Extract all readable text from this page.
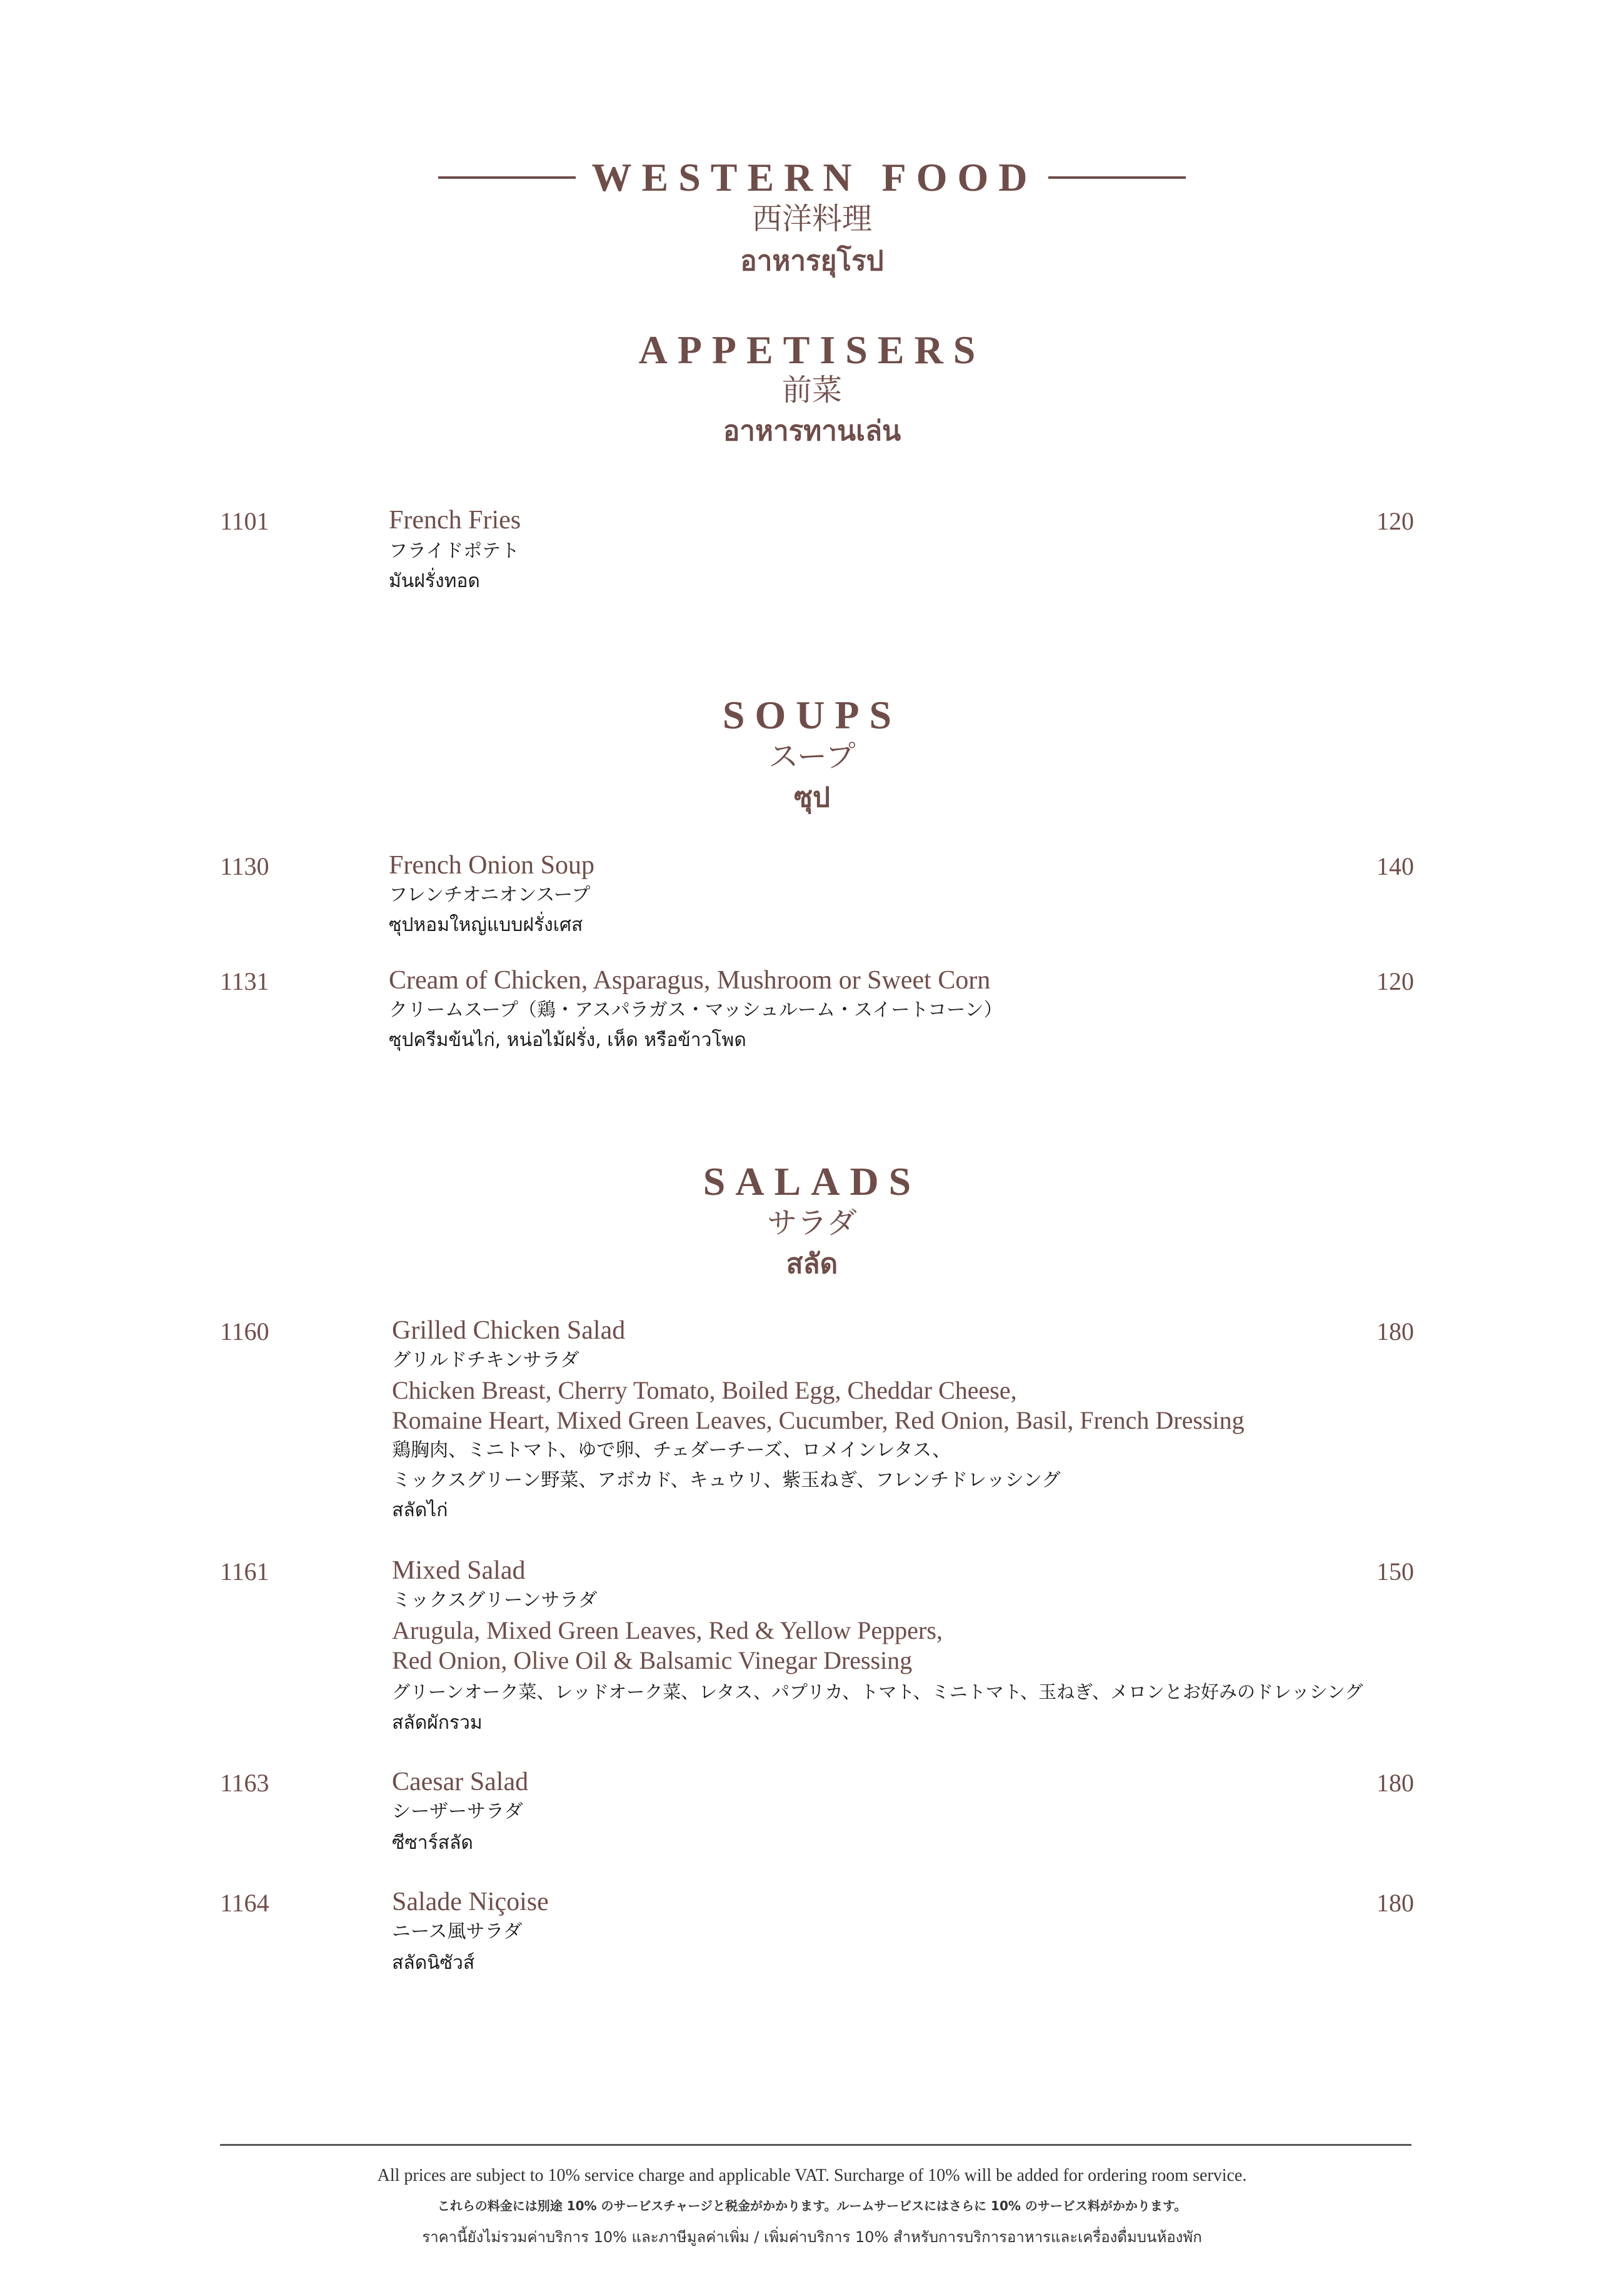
WESTERN FOOD
西洋料理
อาหารยุโรป
APPETISERS
前菜
อาหารทานเล่น
1101	French Fries
フライドポテト
มันฝรั่งทอด
120
SOUPS
スープ
ซุป
1130	French Onion Soup
フレンチオニオンスープ
ซุปหอมใหญ่แบบฝรั่งเศส
140
1131	Cream of Chicken, Asparagus, Mushroom or Sweet Corn
クリームスープ（鶏・アスパラガス・マッシュルーム・スイートコーン）
ซุปครีมข้นไก่, หน่อไม้ฝรั่ง, เห็ด หรือข้าวโพด
120
SALADS
サラダ
สลัด
1160	Grilled Chicken Salad
グリルドチキンサラダ
Chicken Breast, Cherry Tomato, Boiled Egg, Cheddar Cheese,
Romaine Heart, Mixed Green Leaves, Cucumber, Red Onion, Basil, French Dressing
鶏胸肉、ミニトマト、ゆで卵、チェダーチーズ、ロメインレタス、
ミックスグリーン野菜、アボカド、キュウリ、紫玉ねぎ、フレンチドレッシング
สลัดไก่
180
1161	Mixed Salad
ミックスグリーンサラダ
Arugula, Mixed Green Leaves, Red & Yellow Peppers,
Red Onion, Olive Oil & Balsamic Vinegar Dressing
グリーンオーク菜、レッドオーク菜、レタス、パプリカ、トマト、ミニトマト、玉ねぎ、メロンとお好みのドレッシング
สลัดผักรวม
150
1163	Caesar Salad
シーザーサラダ
ซีซาร์สลัด
180
1164	Salade Niçoise
ニース風サラダ
สลัดนิซัวส์
180
All prices are subject to 10% service charge and applicable VAT. Surcharge of 10% will be added for ordering room service.
これらの料金には別途 10% のサービスチャージと税金がかかります。ルームサービスにはさらに 10% のサービス料がかかります。
ราคานี้ยังไม่รวมค่าบริการ 10% และภาษีมูลค่าเพิ่ม / เพิ่มค่าบริการ 10% สำหรับการบริการอาหารและเครื่องดื่มบนห้องพัก
